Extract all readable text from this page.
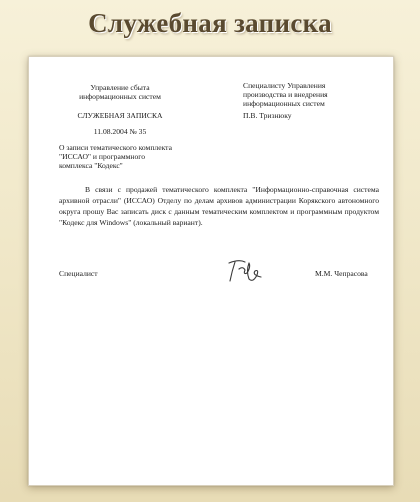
Служебная записка
Управление сбыта
информационных систем
СЛУЖЕБНАЯ ЗАПИСКА
11.08.2004 № 35
О записи тематического комплекта
"ИССАО" и программного
комплекса "Кодекс"
Специалисту Управления
производства и внедрения
информационных систем
П.В. Тризнюку
В связи с продажей тематического комплекта "Информационно-справочная система архивной отрасли" (ИССАО) Отделу по делам архивов администрации Корякского автономного округа прошу Вас записать диск с данным тематическим комплектом и программным продуктом "Кодекс для Windows" (локальный вариант).
Специалист	М.М. Чепрасова
